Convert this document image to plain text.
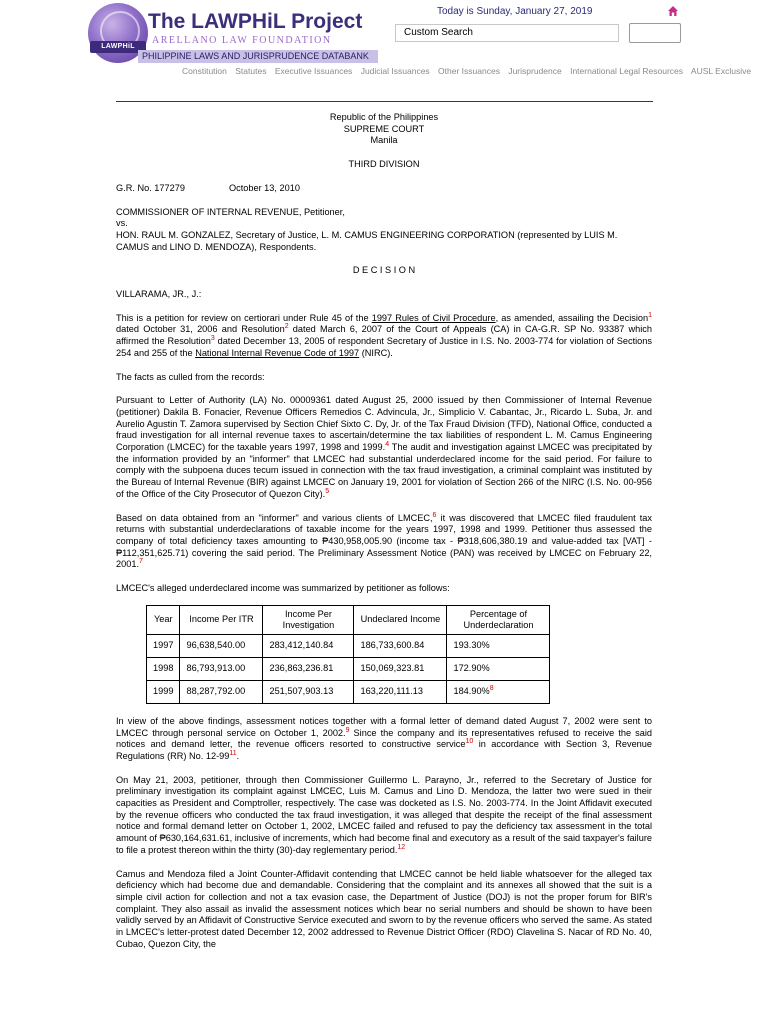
LAWPHiL
The LAWPHiL Project
ARELLANO LAW FOUNDATION
PHILIPPINE LAWS AND JURISPRUDENCE DATABANK
Today is Sunday, January 27, 2019
Custom Search
Constitution Statutes Executive Issuances Judicial Issuances Other Issuances Jurisprudence International Legal Resources AUSL Exclusive
Republic of the Philippines
SUPREME COURT
Manila
THIRD DIVISION
G.R. No. 177279	October 13, 2010
COMMISSIONER OF INTERNAL REVENUE, Petitioner,
vs.
HON. RAUL M. GONZALEZ, Secretary of Justice, L. M. CAMUS ENGINEERING CORPORATION (represented by LUIS M. CAMUS and LINO D. MENDOZA), Respondents.
D E C I S I O N
VILLARAMA, JR., J.:

This is a petition for review on certiorari under Rule 45 of the 1997 Rules of Civil Procedure, as amended, assailing the Decision$^1$ dated October 31, 2006 and Resolution$^2$ dated March 6, 2007 of the Court of Appeals (CA) in CA-G.R. SP No. 93387 which affirmed the Resolution$^3$ dated December 13, 2005 of respondent Secretary of Justice in I.S. No. 2003-774 for violation of Sections 254 and 255 of the National Internal Revenue Code of 1997 (NIRC).

The facts as culled from the records:

Pursuant to Letter of Authority (LA) No. 00009361 dated August 25, 2000 issued by then Commissioner of Internal Revenue (petitioner) Dakila B. Fonacier, Revenue Officers Remedios C. Advincula, Jr., Simplicio V. Cabantac, Jr., Ricardo L. Suba, Jr. and Aurelio Agustin T. Zamora supervised by Section Chief Sixto C. Dy, Jr. of the Tax Fraud Division (TFD), National Office, conducted a fraud investigation for all internal revenue taxes to ascertain/determine the tax liabilities of respondent L. M. Camus Engineering Corporation (LMCEC) for the taxable years 1997, 1998 and 1999.$^4$ The audit and investigation against LMCEC was precipitated by the information provided by an "informer" that LMCEC had substantial underdeclared income for the said period. For failure to comply with the subpoena duces tecum issued in connection with the tax fraud investigation, a criminal complaint was instituted by the Bureau of Internal Revenue (BIR) against LMCEC on January 19, 2001 for violation of Section 266 of the NIRC (I.S. No. 00-956 of the Office of the City Prosecutor of Quezon City).$^5$

Based on data obtained from an "informer" and various clients of LMCEC,$^6$ it was discovered that LMCEC filed fraudulent tax returns with substantial underdeclarations of taxable income for the years 1997, 1998 and 1999. Petitioner thus assessed the company of total deficiency taxes amounting to ₱430,958,005.90 (income tax - ₱318,606,380.19 and value-added tax [VAT] - ₱112,351,625.71) covering the said period. The Preliminary Assessment Notice (PAN) was received by LMCEC on February 22, 2001.$^7$

LMCEC's alleged underdeclared income was summarized by petitioner as follows:

Year	Income Per ITR	Income Per Investigation	Undeclared Income	Percentage of Underdeclaration
1997	96,638,540.00	283,412,140.84	186,733,600.84	193.30%
1998	86,793,913.00	236,863,236.81	150,069,323.81	172.90%
1999	88,287,792.00	251,507,903.13	163,220,111.13	184.90%$^8$

In view of the above findings, assessment notices together with a formal letter of demand dated August 7, 2002 were sent to LMCEC through personal service on October 1, 2002.$^9$ Since the company and its representatives refused to receive the said notices and demand letter, the revenue officers resorted to constructive service$^{10}$ in accordance with Section 3, Revenue Regulations (RR) No. $12-99^{11}$.

On May 21, 2003, petitioner, through then Commissioner Guillermo L. Parayno, Jr., referred to the Secretary of Justice for preliminary investigation its complaint against LMCEC, Luis M. Camus and Lino D. Mendoza, the latter two were sued in their capacities as President and Comptroller, respectively. The case was docketed as I.S. No. 2003-774. In the Joint Affidavit executed by the revenue officers who conducted the tax fraud investigation, it was alleged that despite the receipt of the final assessment notice and formal demand letter on October 1, 2002, LMCEC failed and refused to pay the deficiency tax assessment in the total amount of ₱630,164,631.61, inclusive of increments, which had become final and executory as a result of the said taxpayer's failure to file a protest thereon within the thirty (30)-day reglementary period.$^{12}$

Camus and Mendoza filed a Joint Counter-Affidavit contending that LMCEC cannot be held liable whatsoever for the alleged tax deficiency which had become due and demandable. Considering that the complaint and its annexes all showed that the suit is a simple civil action for collection and not a tax evasion case, the Department of Justice (DOJ) is not the proper forum for BIR's complaint. They also assail as invalid the assessment notices which bear no serial numbers and should be shown to have been validly served by an Affidavit of Constructive Service executed and sworn to by the revenue officers who served the same. As stated in LMCEC's letter-protest dated December 12, 2002 addressed to Revenue District Officer (RDO) Clavelina S. Nacar of RD No. 40, Cubao, Quezon City, the
